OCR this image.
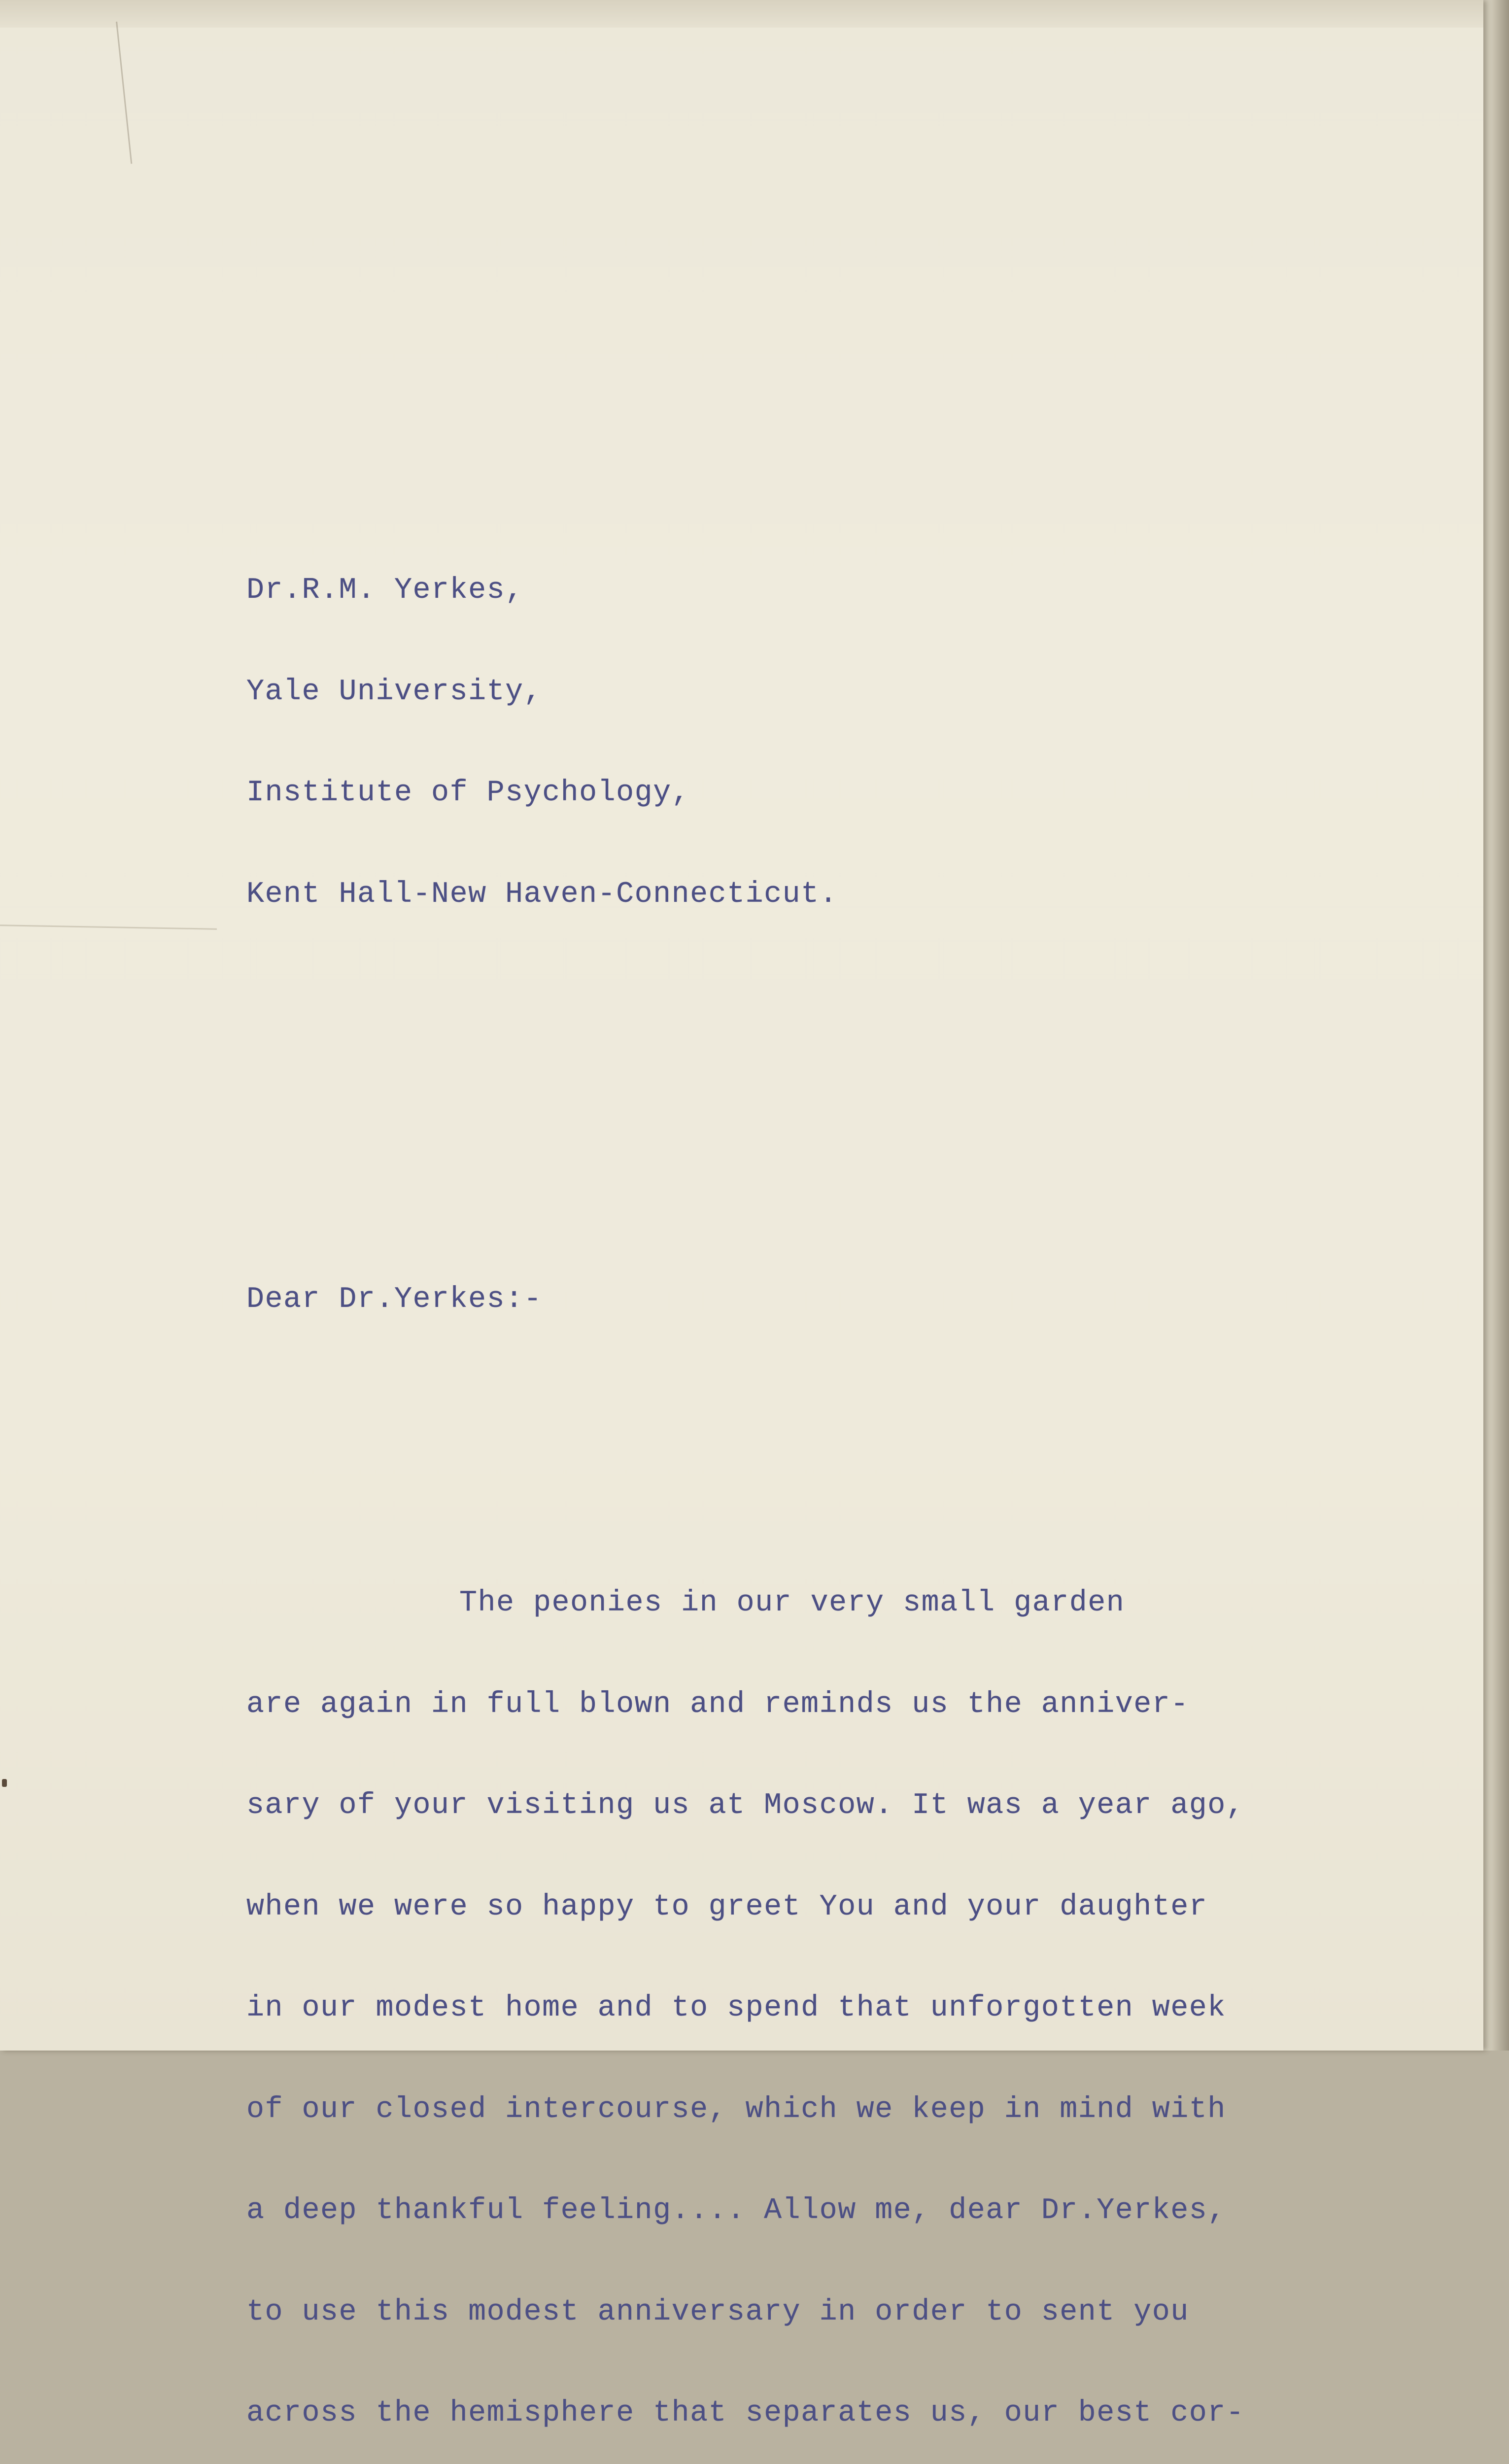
Dr.R.M. Yerkes,

Yale University,

Institute of Psychology,

Kent Hall-New Haven-Connecticut.

Dear Dr.Yerkes:-

The peonies in our very small garden

are again in full blown and reminds us the anniver-

sary of your visiting us at Moscow. It was a year ago,

when we were so happy to greet You and your daughter

in our modest home and to spend that unforgotten week

of our closed intercourse, which we keep in mind with

a deep thankful feeling.... Allow me, dear Dr.Yerkes,

to use this modest anniversary in order to sent you

across the hemisphere that separates us, our best cor-
